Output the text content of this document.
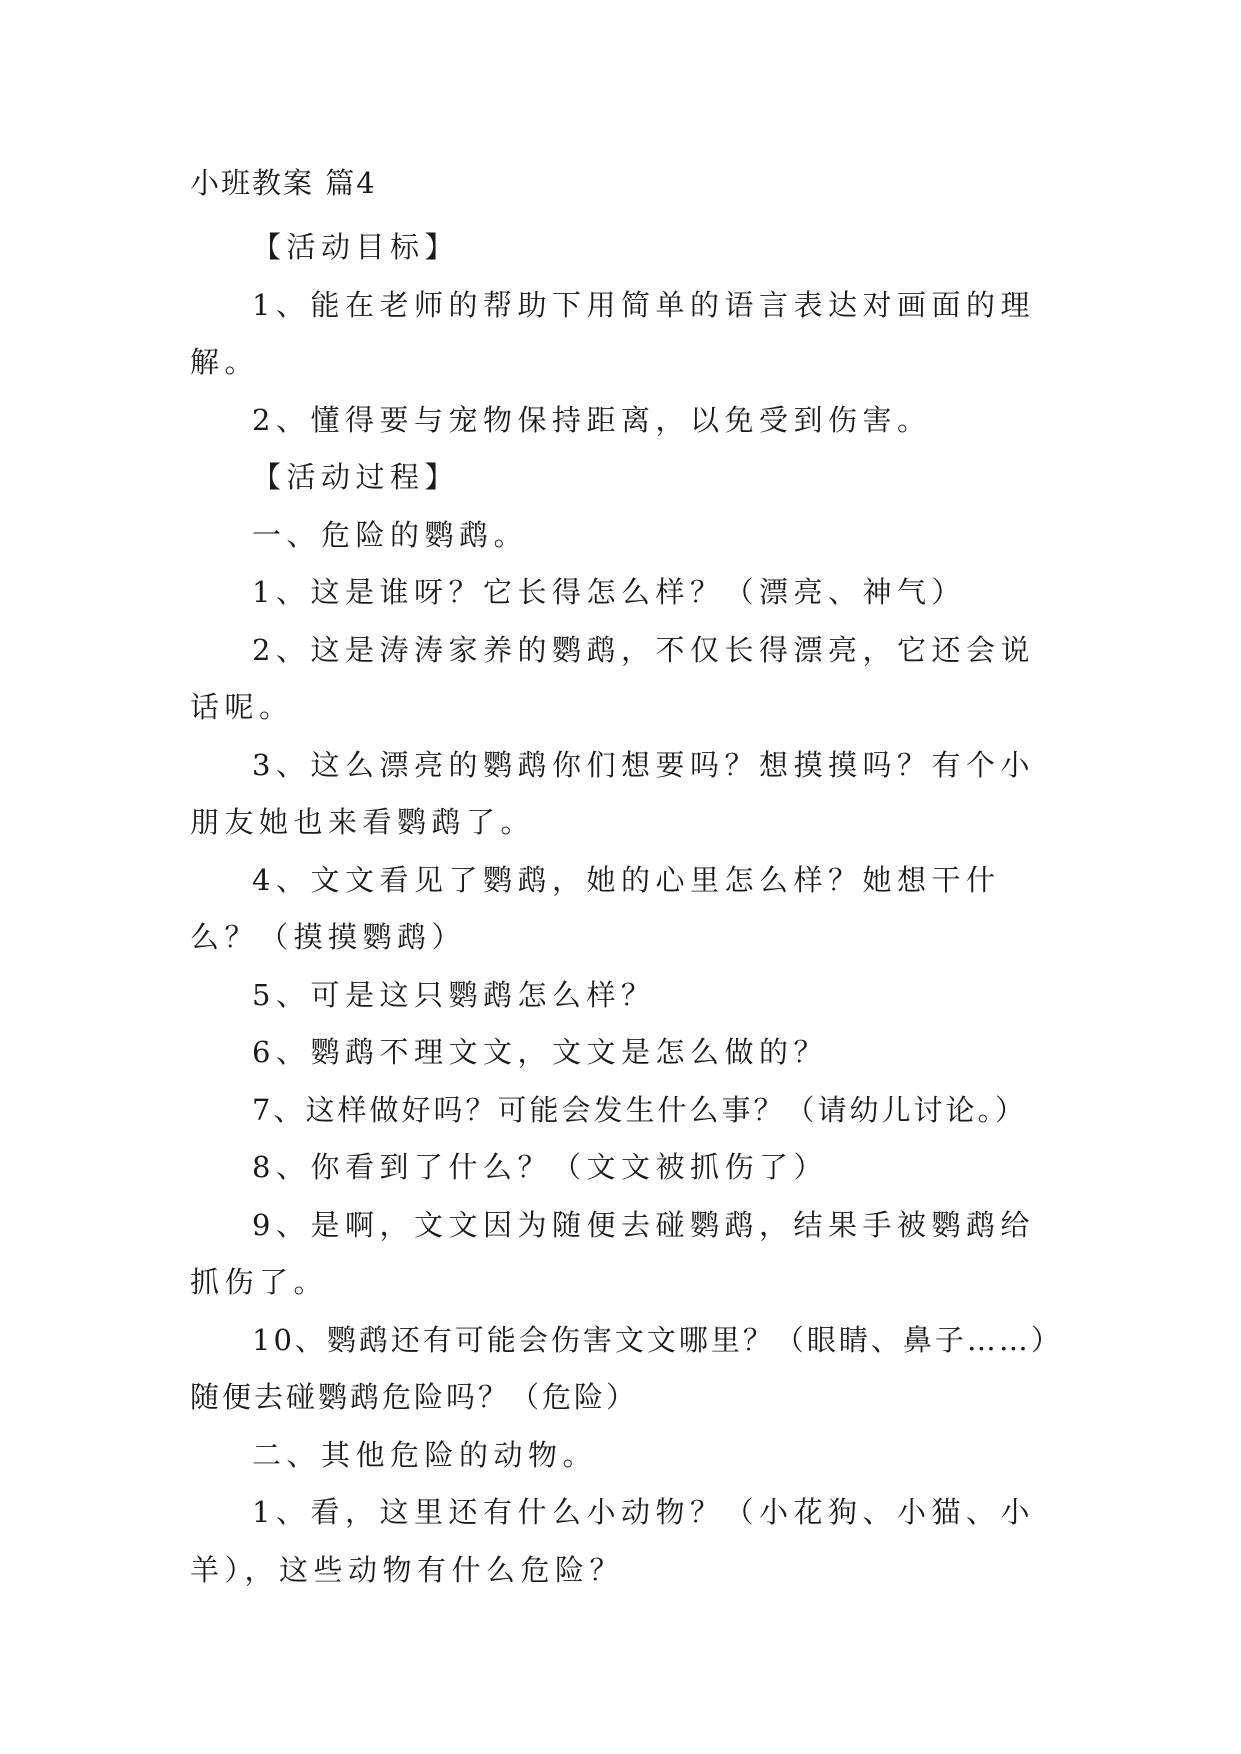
小班教案 篇4

【活动目标】

1、能在老师的帮助下用简单的语言表达对画面的理解。

2、懂得要与宠物保持距离，以免受到伤害。

【活动过程】

一、危险的鹦鹉。

1、这是谁呀？它长得怎么样？（漂亮、神气）

2、这是涛涛家养的鹦鹉，不仅长得漂亮，它还会说话呢。

3、这么漂亮的鹦鹉你们想要吗？想摸摸吗？有个小朋友她也来看鹦鹉了。

4、文文看见了鹦鹉，她的心里怎么样？她想干什么？（摸摸鹦鹉）

5、可是这只鹦鹉怎么样？

6、鹦鹉不理文文，文文是怎么做的？

7、这样做好吗？可能会发生什么事？（请幼儿讨论。）

8、你看到了什么？（文文被抓伤了）

9、是啊，文文因为随便去碰鹦鹉，结果手被鹦鹉给抓伤了。

10、鹦鹉还有可能会伤害文文哪里？（眼睛、鼻子……）随便去碰鹦鹉危险吗？（危险）

二、其他危险的动物。

1、看，这里还有什么小动物？（小花狗、小猫、小羊），这些动物有什么危险？
